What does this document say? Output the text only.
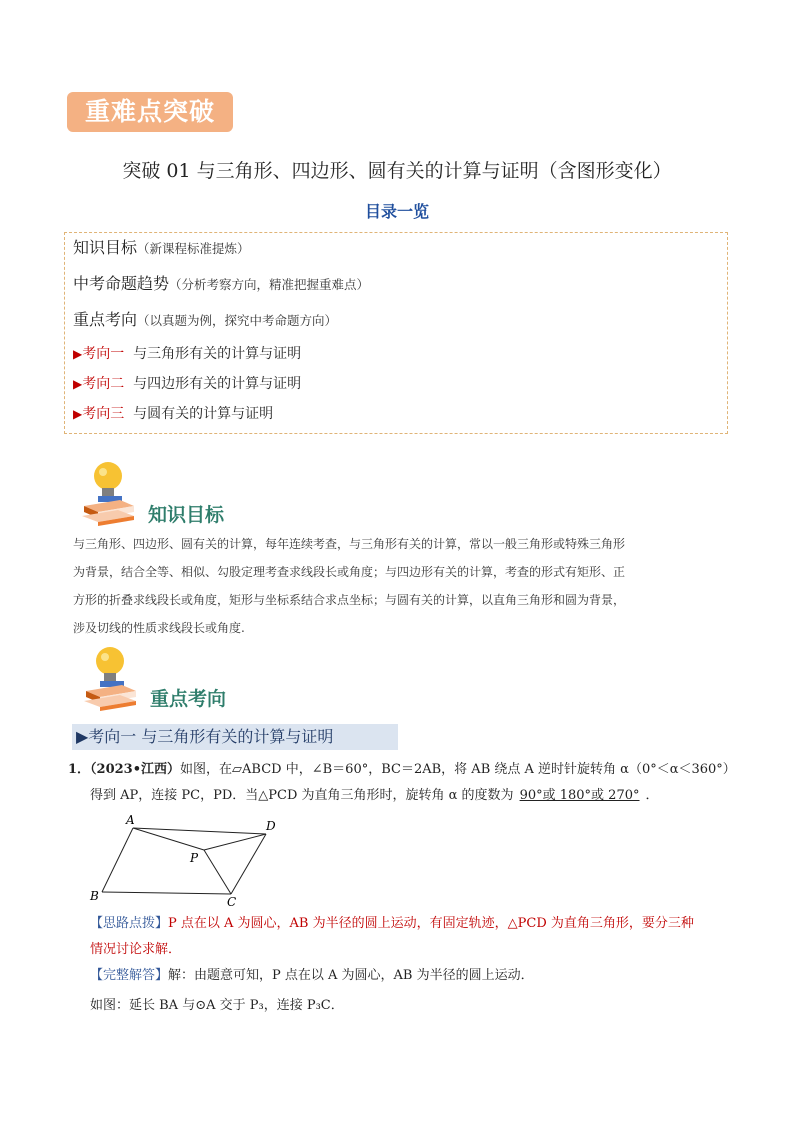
重难点突破
突破 01 与三角形、四边形、圆有关的计算与证明（含图形变化）
目录一览
知识目标（新课程标准提炼）
中考命题趋势（分析考察方向，精准把握重难点）
重点考向（以真题为例，探究中考命题方向）
▶考向一 与三角形有关的计算与证明
▶考向二 与四边形有关的计算与证明
▶考向三 与圆有关的计算与证明
知识目标
与三角形、四边形、圆有关的计算，每年连续考查，与三角形有关的计算，常以一般三角形或特殊三角形
为背景，结合全等、相似、勾股定理考查求线段长或角度；与四边形有关的计算，考查的形式有矩形、正
方形的折叠求线段长或角度，矩形与坐标系结合求点坐标；与圆有关的计算，以直角三角形和圆为背景，
涉及切线的性质求线段长或角度.
重点考向
▶考向一 与三角形有关的计算与证明
1．（2023•江西）如图，在▱ABCD 中，∠B＝60°，BC＝2AB，将 AB 绕点 A 逆时针旋转角 α（0°＜α＜360°）
得到 AP，连接 PC，PD．当△PCD 为直角三角形时，旋转角 α 的度数为 90°或 180°或 270° ．
A
B	C
D
P
【思路点拨】P 点在以 A 为圆心，AB 为半径的圆上运动，有固定轨迹，△PCD 为直角三角形，要分三种
情况讨论求解．
【完整解答】解：由题意可知，P 点在以 A 为圆心，AB 为半径的圆上运动．
如图：延长 BA 与⊙A 交于 P₃，连接 P₃C．
